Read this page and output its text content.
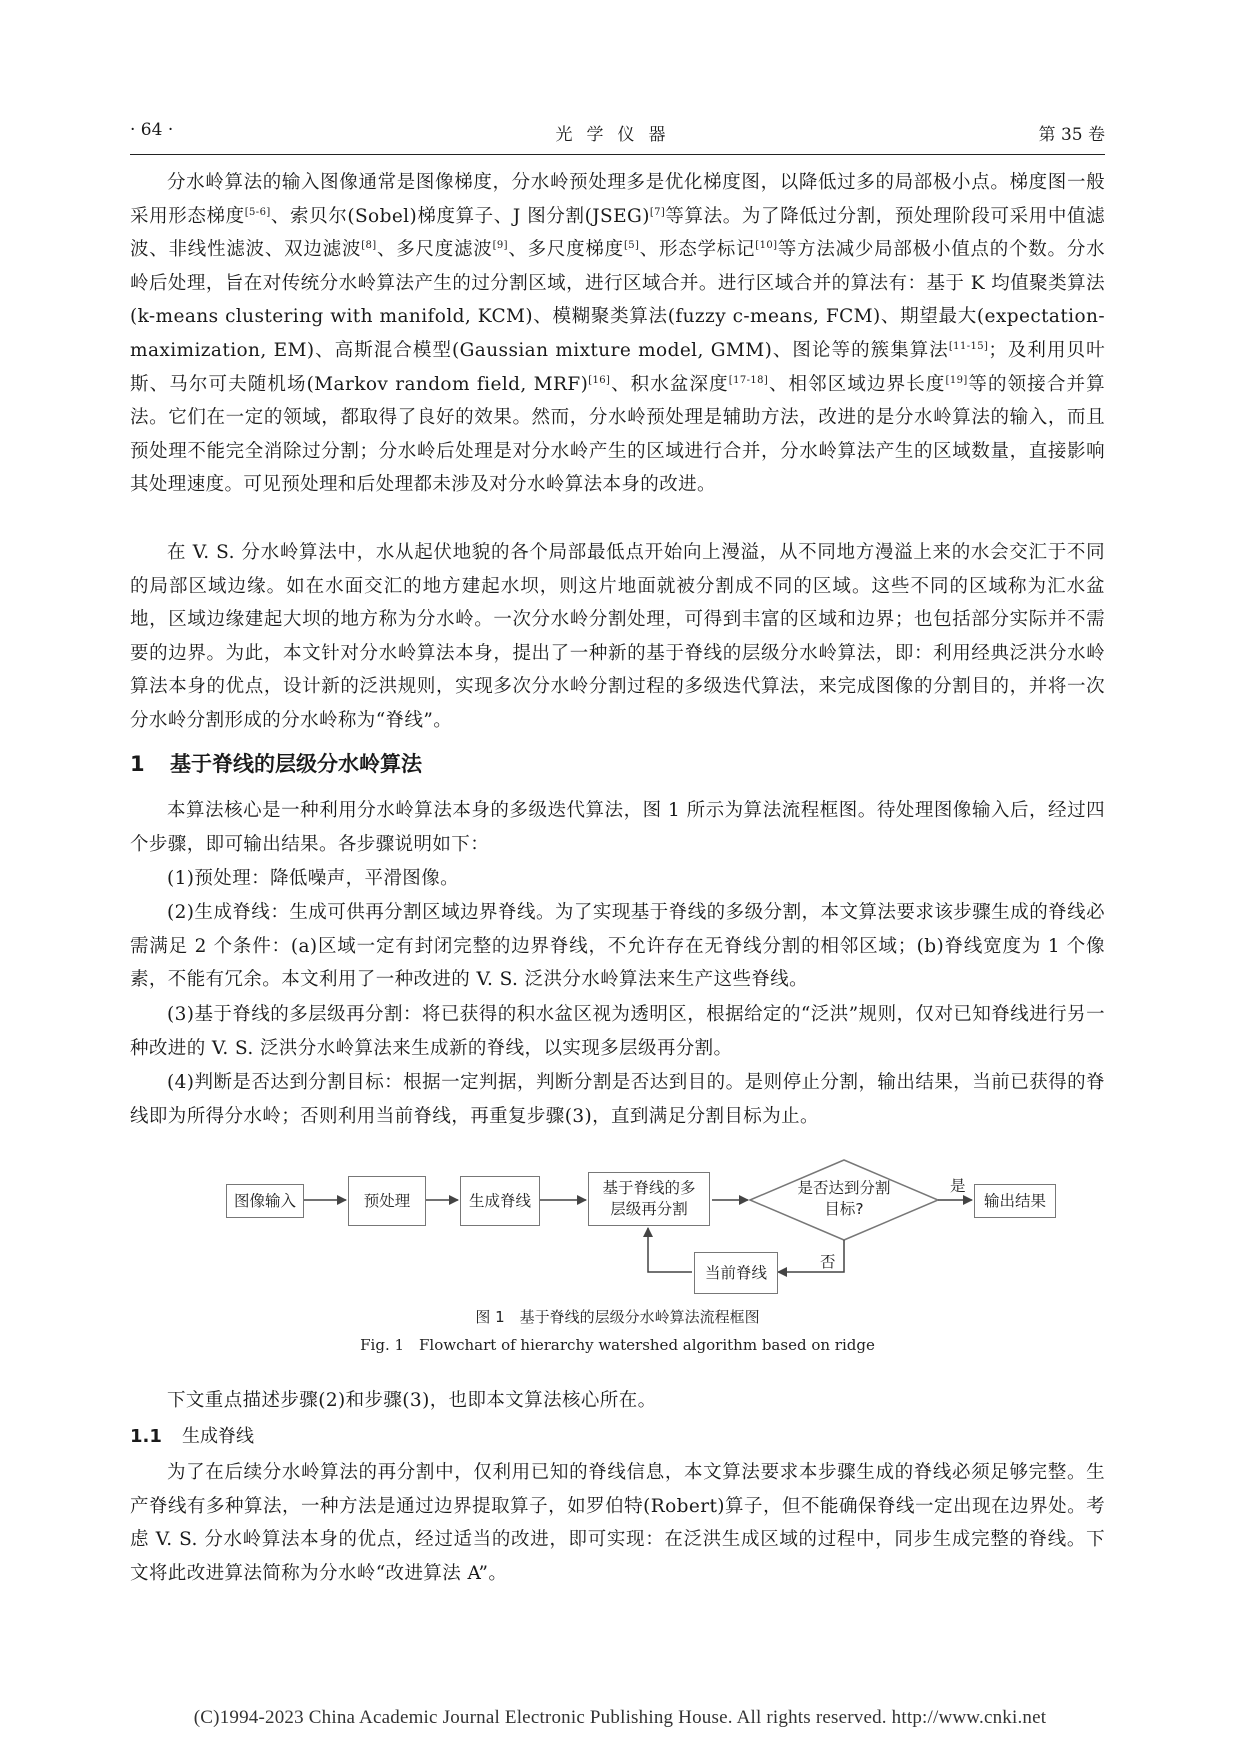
· 64 ·	光学仪器	第 35 卷
分水岭算法的输入图像通常是图像梯度，分水岭预处理多是优化梯度图，以降低过多的局部极小点。梯度图一般采用形态梯度[5-6]、索贝尔(Sobel)梯度算子、J 图分割(JSEG)[7]等算法。为了降低过分割，预处理阶段可采用中值滤波、非线性滤波、双边滤波[8]、多尺度滤波[9]、多尺度梯度[5]、形态学标记[10]等方法减少局部极小值点的个数。分水岭后处理，旨在对传统分水岭算法产生的过分割区域，进行区域合并。进行区域合并的算法有：基于 K 均值聚类算法(k-means clustering with manifold, KCM)、模糊聚类算法(fuzzy c-means, FCM)、期望最大(expectation-maximization, EM)、高斯混合模型(Gaussian mixture model, GMM)、图论等的簇集算法[11-15]；及利用贝叶斯、马尔可夫随机场(Markov random field, MRF)[16]、积水盆深度[17-18]、相邻区域边界长度[19]等的领接合并算法。它们在一定的领域，都取得了良好的效果。然而，分水岭预处理是辅助方法，改进的是分水岭算法的输入，而且预处理不能完全消除过分割；分水岭后处理是对分水岭产生的区域进行合并，分水岭算法产生的区域数量，直接影响其处理速度。可见预处理和后处理都未涉及对分水岭算法本身的改进。
在 V. S. 分水岭算法中，水从起伏地貌的各个局部最低点开始向上漫溢，从不同地方漫溢上来的水会交汇于不同的局部区域边缘。如在水面交汇的地方建起水坝，则这片地面就被分割成不同的区域。这些不同的区域称为汇水盆地，区域边缘建起大坝的地方称为分水岭。一次分水岭分割处理，可得到丰富的区域和边界；也包括部分实际并不需要的边界。为此，本文针对分水岭算法本身，提出了一种新的基于脊线的层级分水岭算法，即：利用经典泛洪分水岭算法本身的优点，设计新的泛洪规则，实现多次分水岭分割过程的多级迭代算法，来完成图像的分割目的，并将一次分水岭分割形成的分水岭称为“脊线”。
1 基于脊线的层级分水岭算法
本算法核心是一种利用分水岭算法本身的多级迭代算法，图 1 所示为算法流程框图。待处理图像输入后，经过四个步骤，即可输出结果。各步骤说明如下：
(1)预处理：降低噪声，平滑图像。
(2)生成脊线：生成可供再分割区域边界脊线。为了实现基于脊线的多级分割，本文算法要求该步骤生成的脊线必需满足 2 个条件：(a)区域一定有封闭完整的边界脊线，不允许存在无脊线分割的相邻区域；(b)脊线宽度为 1 个像素，不能有冗余。本文利用了一种改进的 V. S. 泛洪分水岭算法来生产这些脊线。
(3)基于脊线的多层级再分割：将已获得的积水盆区视为透明区，根据给定的“泛洪”规则，仅对已知脊线进行另一种改进的 V. S. 泛洪分水岭算法来生成新的脊线，以实现多层级再分割。
(4)判断是否达到分割目标：根据一定判据，判断分割是否达到目的。是则停止分割，输出结果，当前已获得的脊线即为所得分水岭；否则利用当前脊线，再重复步骤(3)，直到满足分割目标为止。
图像输入	预处理	生成脊线
基于脊线的多层级再分割
是否达到分割目标?	输出结果
当前脊线
是
否
图 1　基于脊线的层级分水岭算法流程框图
Fig. 1　Flowchart of hierarchy watershed algorithm based on ridge
下文重点描述步骤(2)和步骤(3)，也即本文算法核心所在。
1.1 生成脊线
为了在后续分水岭算法的再分割中，仅利用已知的脊线信息，本文算法要求本步骤生成的脊线必须足够完整。生产脊线有多种算法，一种方法是通过边界提取算子，如罗伯特(Robert)算子，但不能确保脊线一定出现在边界处。考虑 V. S. 分水岭算法本身的优点，经过适当的改进，即可实现：在泛洪生成区域的过程中，同步生成完整的脊线。下文将此改进算法简称为分水岭“改进算法 A”。
(C)1994-2023 China Academic Journal Electronic Publishing House. All rights reserved. http://www.cnki.net
